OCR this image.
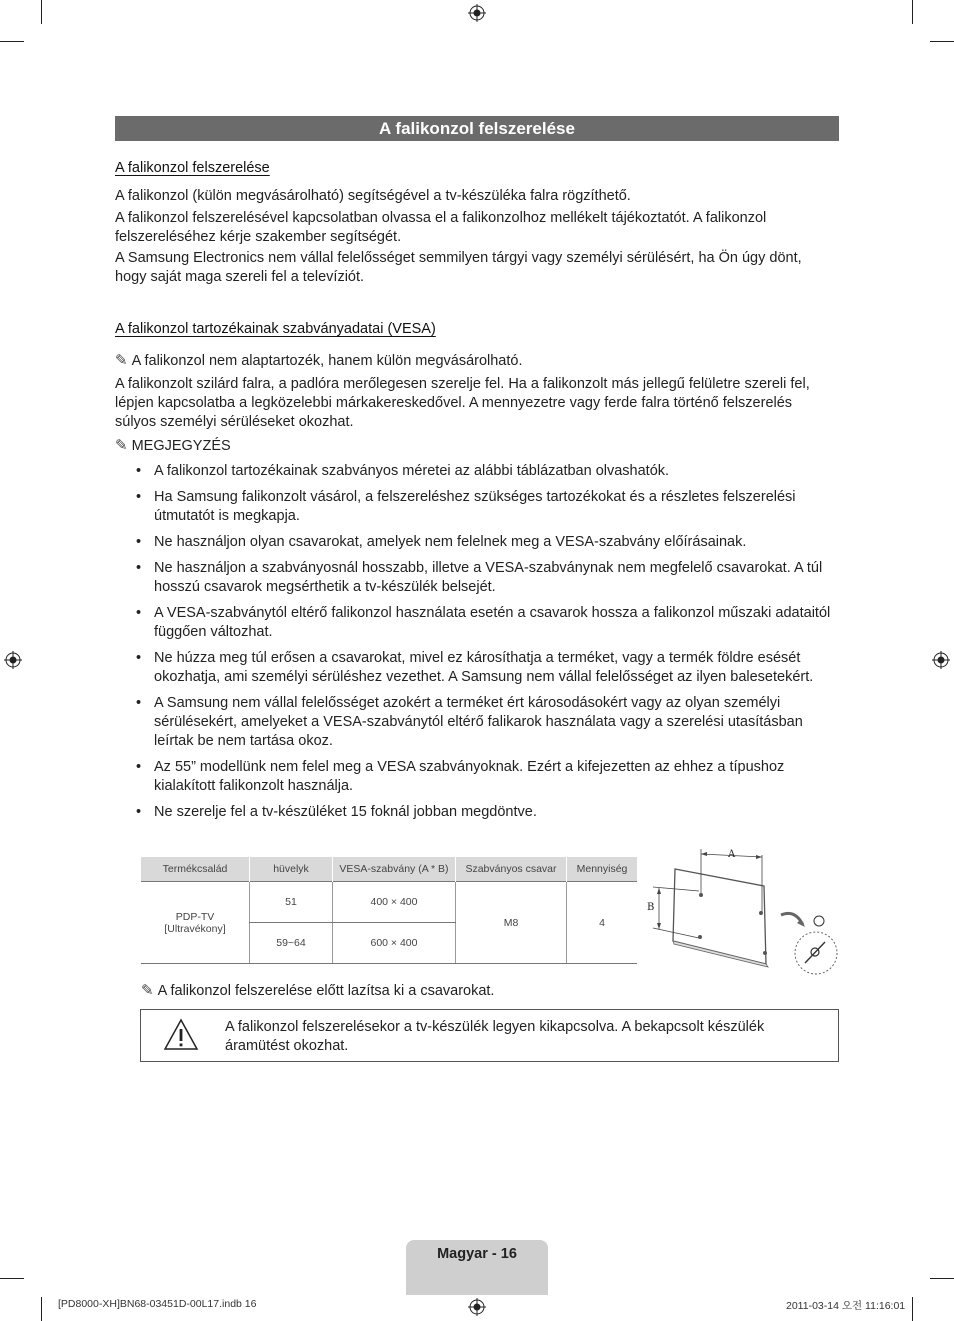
A falikonzol felszerelése
A falikonzol felszerelése

A falikonzol (külön megvásárolható) segítségével a tv-készüléka falra rögzíthető.

A falikonzol felszerelésével kapcsolatban olvassa el a falikonzolhoz mellékelt tájékoztatót. A falikonzol felszereléséhez kérje szakember segítségét.

A Samsung Electronics nem vállal felelősséget semmilyen tárgyi vagy személyi sérülésért, ha Ön úgy dönt, hogy saját maga szereli fel a televíziót.

A falikonzol tartozékainak szabványadatai (VESA)
✎ A falikonzol nem alaptartozék, hanem külön megvásárolható.

A falikonzolt szilárd falra, a padlóra merőlegesen szerelje fel. Ha a falikonzolt más jellegű felületre szereli fel, lépjen kapcsolatba a legközelebbi márkakereskedővel. A mennyezetre vagy ferde falra történő felszerelés súlyos személyi sérüléseket okozhat.

✎ MEGJEGYZÉS
• A falikonzol tartozékainak szabványos méretei az alábbi táblázatban olvashatók.
• Ha Samsung falikonzolt vásárol, a felszereléshez szükséges tartozékokat és a részletes felszerelési útmutatót is megkapja.
• Ne használjon olyan csavarokat, amelyek nem felelnek meg a VESA-szabvány előírásainak.
• Ne használjon a szabványosnál hosszabb, illetve a VESA-szabványnak nem megfelelő csavarokat. A túl hosszú csavarok megsérthetik a tv-készülék belsejét.
• A VESA-szabványtól eltérő falikonzol használata esetén a csavarok hossza a falikonzol műszaki adataitól függően változhat.
• Ne húzza meg túl erősen a csavarokat, mivel ez károsíthatja a terméket, vagy a termék földre esését okozhatja, ami személyi sérüléshez vezethet. A Samsung nem vállal felelősséget az ilyen balesetekért.
• A Samsung nem vállal felelősséget azokért a terméket ért károsodásokért vagy az olyan személyi sérülésekért, amelyeket a VESA-szabványtól eltérő falikarok használata vagy a szerelési utasításban leírtak be nem tartása okoz.
• Az 55” modellünk nem felel meg a VESA szabványoknak. Ezért a kifejezetten az ehhez a típushoz kialakított falikonzolt használja.
• Ne szerelje fel a tv-készüléket 15 foknál jobban megdöntve.
Termékcsalád	hüvelyk	VESA-szabvány (A * B)	Szabványos csavar	Mennyiség
PDP-TV
[Ultravékony]	51	400 × 400	M8	4
	59~64	600 × 400		
A
B
✎ A falikonzol felszerelése előtt lazítsa ki a csavarokat.
A falikonzol felszerelésekor a tv-készülék legyen kikapcsolva. A bekapcsolt készülék áramütést okozhat.
Magyar - 16
[PD8000-XH]BN68-03451D-00L17.indb 16	2011-03-14 오전 11:16:01
